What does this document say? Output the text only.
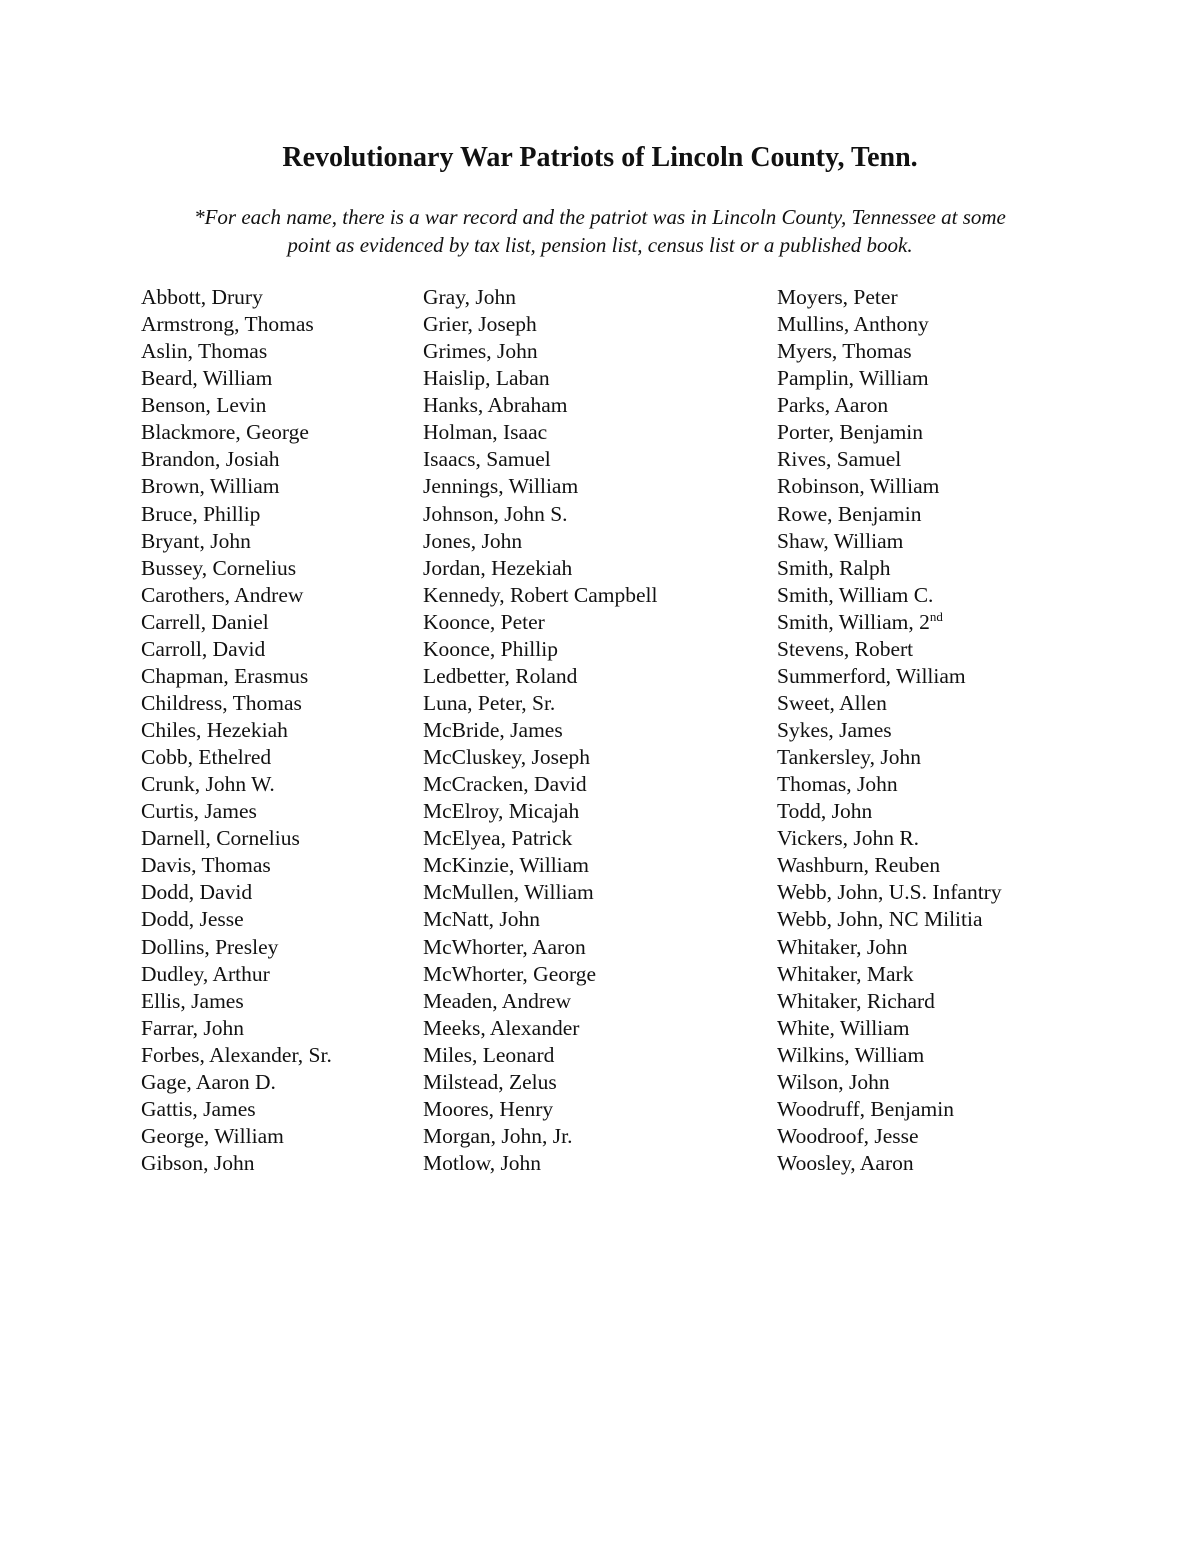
Revolutionary War Patriots of Lincoln County, Tenn.
*For each name, there is a war record and the patriot was in Lincoln County, Tennessee at some
point as evidenced by tax list, pension list, census list or a published book.
Abbott, Drury
Armstrong, Thomas
Aslin, Thomas
Beard, William
Benson, Levin
Blackmore, George
Brandon, Josiah
Brown, William
Bruce, Phillip
Bryant, John
Bussey, Cornelius
Carothers, Andrew
Carrell, Daniel
Carroll, David
Chapman, Erasmus
Childress, Thomas
Chiles, Hezekiah
Cobb, Ethelred
Crunk, John W.
Curtis, James
Darnell, Cornelius
Davis, Thomas
Dodd, David
Dodd, Jesse
Dollins, Presley
Dudley, Arthur
Ellis, James
Farrar, John
Forbes, Alexander, Sr.
Gage, Aaron D.
Gattis, James
George, William
Gibson, John
Gray, John
Grier, Joseph
Grimes, John
Haislip, Laban
Hanks, Abraham
Holman, Isaac
Isaacs, Samuel
Jennings, William
Johnson, John S.
Jones, John
Jordan, Hezekiah
Kennedy, Robert Campbell
Koonce, Peter
Koonce, Phillip
Ledbetter, Roland
Luna, Peter, Sr.
McBride, James
McCluskey, Joseph
McCracken, David
McElroy, Micajah
McElyea, Patrick
McKinzie, William
McMullen, William
McNatt, John
McWhorter, Aaron
McWhorter, George
Meaden, Andrew
Meeks, Alexander
Miles, Leonard
Milstead, Zelus
Moores, Henry
Morgan, John, Jr.
Motlow, John
Moyers, Peter
Mullins, Anthony
Myers, Thomas
Pamplin, William
Parks, Aaron
Porter, Benjamin
Rives, Samuel
Robinson, William
Rowe, Benjamin
Shaw, William
Smith, Ralph
Smith, William C.
Smith, William, 2nd
Stevens, Robert
Summerford, William
Sweet, Allen
Sykes, James
Tankersley, John
Thomas, John
Todd, John
Vickers, John R.
Washburn, Reuben
Webb, John, U.S. Infantry
Webb, John, NC Militia
Whitaker, John
Whitaker, Mark
Whitaker, Richard
White, William
Wilkins, William
Wilson, John
Woodruff, Benjamin
Woodroof, Jesse
Woosley, Aaron
